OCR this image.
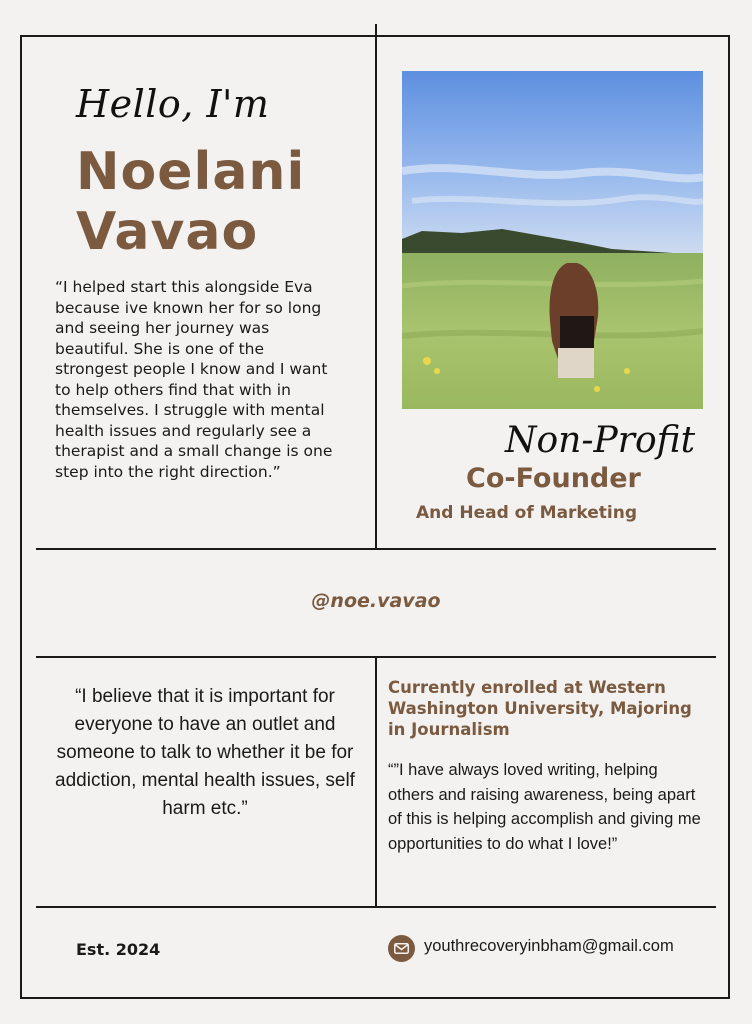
Hello, I'm
Noelani
Vavao
“I helped start this alongside Eva because ive known her for so long and seeing her journey was beautiful. She is one of the strongest people I know and I want to help others find that with in themselves. I struggle with mental health issues and regularly see a therapist and a small change is one step into the right direction.”
Non-Profit
Co-Founder
And Head of Marketing
@noe.vavao
“I believe that it is important for everyone to have an outlet and someone to talk to whether it be for addiction, mental health issues, self harm etc.”
Currently enrolled at Western Washington University, Majoring in Journalism
“”I have always loved writing, helping others and raising awareness, being apart of this is helping accomplish and giving me opportunities to do what I love!”
Est. 2024	youthrecoveryinbham@gmail.com
